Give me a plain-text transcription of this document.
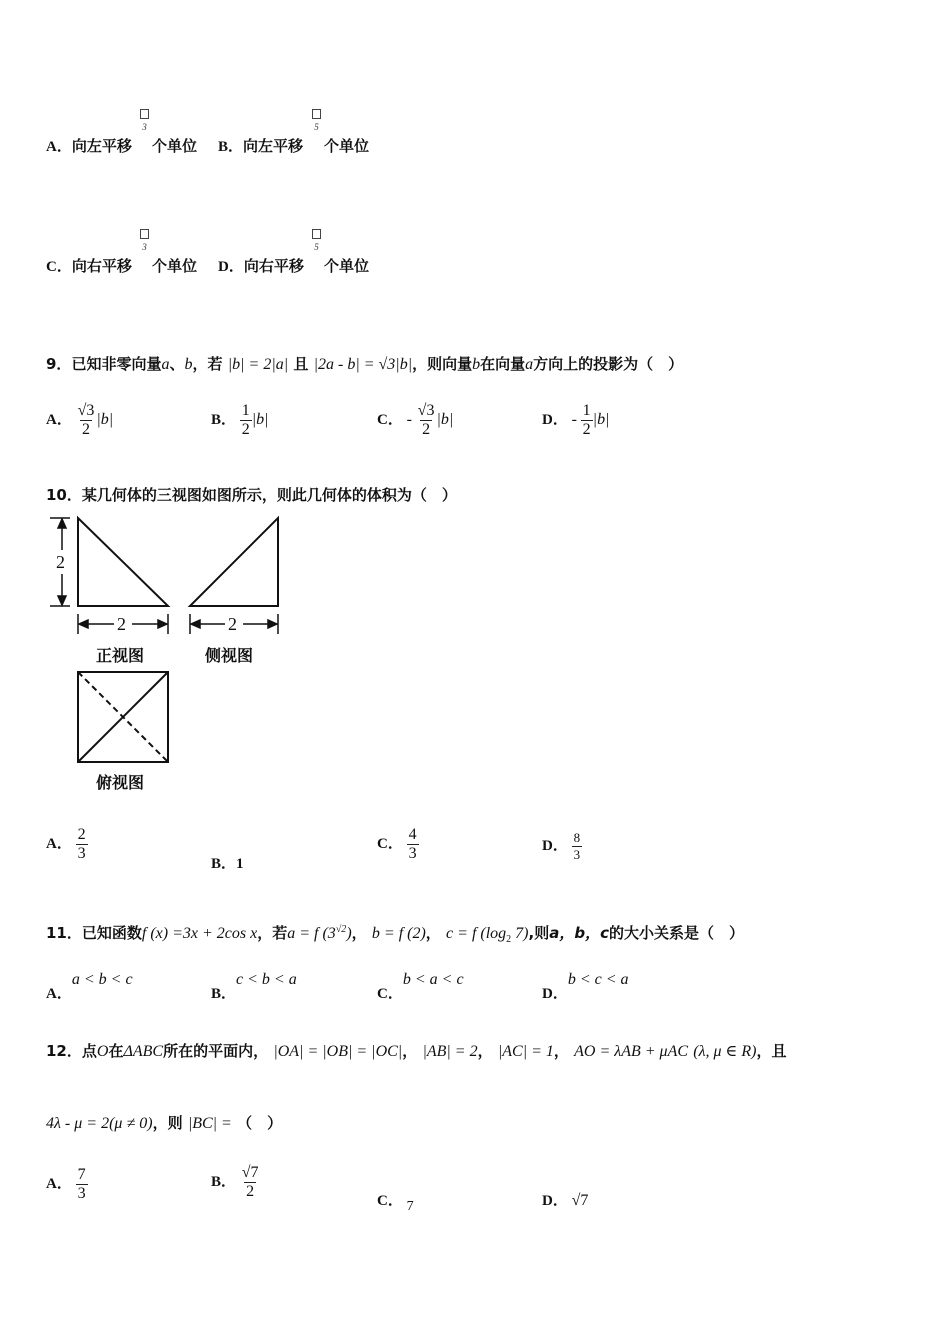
A．向左平移

3
个单位 B．向左平移

5
个单位
C．向右平移

3
个单位 D．向右平移

5
个单位
9．已知非零向量a、b，若 |b| = 2|a| 且 |2a - b| = √3|b|，则向量b在向量a方向上的投影为（　）
A． $\frac{√3}{2} |b|$	B． $\frac{1}{2} |b|$	C． - $\frac{√3}{2} |b|$	D． - $\frac{1}{2} |b|$
10．某几何体的三视图如图所示，则此几何体的体积为（　）
2
2	2
正视图	侧视图
俯视图
A． $\frac{2}{3}$
B．1
C． $\frac{4}{3}$	D． $\frac{8}{3}$
11．已知函数f (x) =3x + 2cos x，若a = f $(3^{√2})$， b = f (2)， c = f ($\log_2$ 7),则a，b，c的大小关系是（　）
A．a < b < c
B．c < b < a
C．b < a < c
D．b < c < a
12．点O在ΔABC所在的平面内， |OA| = |OB| = |OC|， |AB| = 2， |AC| = 1， AO = λAB + μAC (λ, μ ∈ R)，且
4λ - μ = 2(μ ≠ 0)，则 |BC| = （　）
A． $\frac{7}{3}$	B． $\frac{√7}{2}$	C． 7	D． √7
